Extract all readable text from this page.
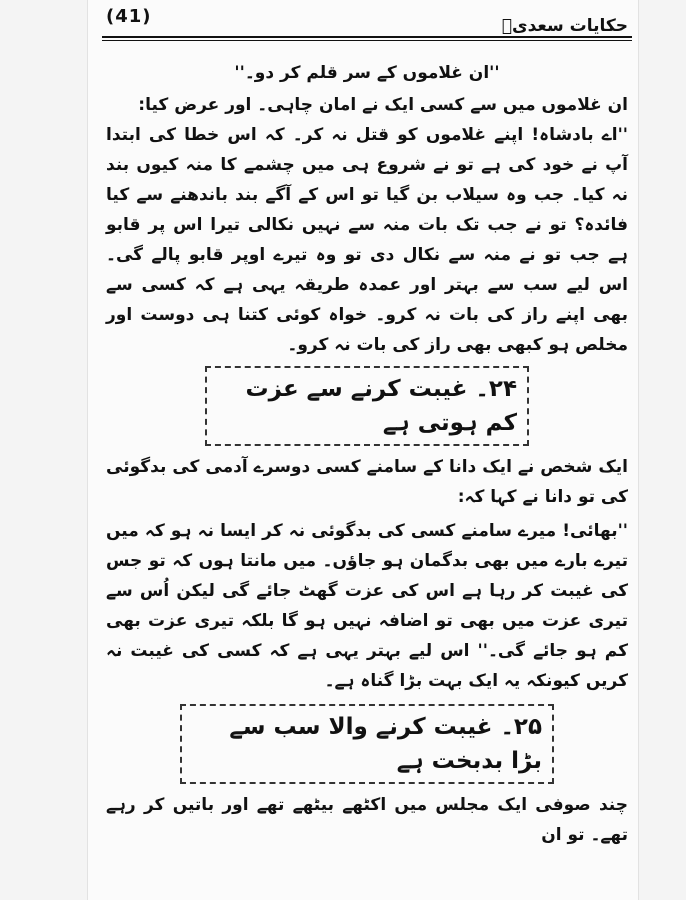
(41)	حکایات سعدیؒ

''ان غلاموں کے سر قلم کر دو۔''

ان غلاموں میں سے کسی ایک نے امان چاہی۔ اور عرض کیا:

''اے بادشاہ! اپنے غلاموں کو قتل نہ کر۔ کہ اس خطا کی ابتدا آپ نے خود کی ہے تو نے شروع ہی میں چشمے کا منہ کیوں بند نہ کیا۔ جب وہ سیلاب بن گیا تو اس کے آگے بند باندھنے سے کیا فائدہ؟ تو نے جب تک بات منہ سے نہیں نکالی تیرا اس پر قابو ہے جب تو نے منہ سے نکال دی تو وہ تیرے اوپر قابو پالے گی۔ اس لیے سب سے بہتر اور عمدہ طریقہ یہی ہے کہ کسی سے بھی اپنے راز کی بات نہ کرو۔ خواہ کوئی کتنا ہی دوست اور مخلص ہو کبھی بھی راز کی بات نہ کرو۔

۲۴۔ غیبت کرنے سے عزت کم ہوتی ہے

ایک شخص نے ایک دانا کے سامنے کسی دوسرے آدمی کی بدگوئی کی تو دانا نے کہا کہ:

''بھائی! میرے سامنے کسی کی بدگوئی نہ کر ایسا نہ ہو کہ میں تیرے بارے میں بھی بدگمان ہو جاؤں۔ میں مانتا ہوں کہ تو جس کی غیبت کر رہا ہے اس کی عزت گھٹ جائے گی لیکن اُس سے تیری عزت میں بھی تو اضافہ نہیں ہو گا بلکہ تیری عزت بھی کم ہو جائے گی۔'' اس لیے بہتر یہی ہے کہ کسی کی غیبت نہ کریں کیونکہ یہ ایک بہت بڑا گناہ ہے۔

۲۵۔ غیبت کرنے والا سب سے بڑا بدبخت ہے

چند صوفی ایک مجلس میں اکٹھے بیٹھے تھے اور باتیں کر رہے تھے۔ تو ان
